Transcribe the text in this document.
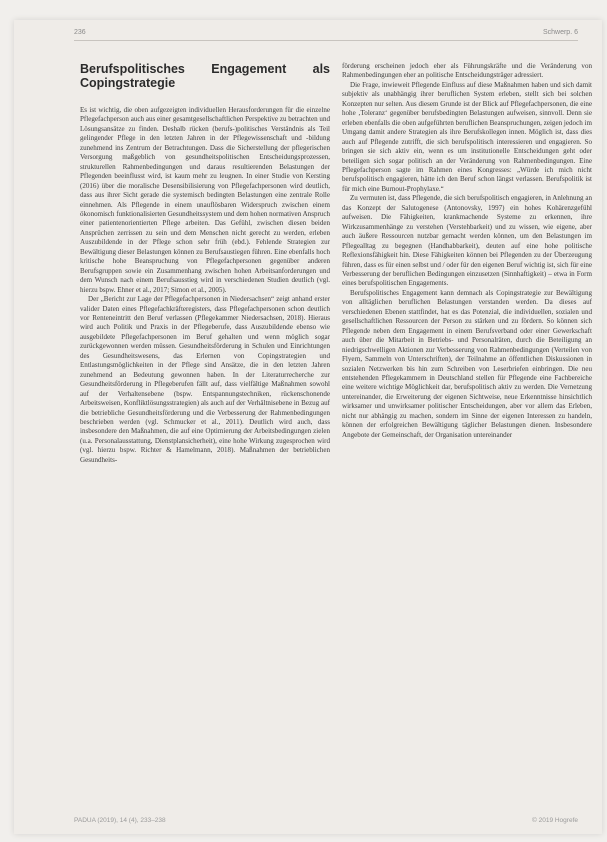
236	Schwerp. 6
Berufspolitisches Engagement als Copingstrategie

Es ist wichtig, die oben aufgezeigten individuellen Herausforderungen für die einzelne Pflegefachperson auch aus einer gesamtgesellschaftlichen Perspektive zu betrachten und Lösungsansätze zu finden. Deshalb rücken (berufs-)politisches Verständnis als Teil gelingender Pflege in den letzten Jahren in der Pflegewissenschaft und -bildung zunehmend ins Zentrum der Betrachtungen. Dass die Sicherstellung der pflegerischen Versorgung maßgeblich von gesundheitspolitischen Entscheidungsprozessen, strukturellen Rahmenbedingungen und daraus resultierenden Belastungen der Pflegenden beeinflusst wird, ist kaum mehr zu leugnen. In einer Studie von Kersting (2016) über die moralische Desensibilisierung von Pflegefachpersonen wird deutlich, dass aus ihrer Sicht gerade die systemisch bedingten Belastungen eine zentrale Rolle einnehmen. Als Pflegende in einem unauflösbaren Widerspruch zwischen einem ökonomisch funktionalisierten Gesundheitssystem und dem hohen normativen Anspruch einer patientenorientierten Pflege arbeiten. Das Gefühl, zwischen diesen beiden Ansprüchen zerrissen zu sein und dem Menschen nicht gerecht zu werden, erleben Auszubildende in der Pflege schon sehr früh (ebd.). Fehlende Strategien zur Bewältigung dieser Belastungen können zu Berufsaustiegen führen. Eine ebenfalls hoch kritische hohe Beanspruchung von Pflegefachpersonen gegenüber anderen Berufsgruppen sowie ein Zusammenhang zwischen hohen Arbeitsanforderungen und dem Wunsch nach einem Berufsausstieg wird in verschiedenen Studien deutlich (vgl. hierzu bspw. Ehner et al., 2017; Simon et al., 2005).

Der „Bericht zur Lage der Pflegefachpersonen in Niedersachsen“ zeigt anhand erster valider Daten eines Pflegefachkräfteregisters, dass Pflegefachpersonen schon deutlich vor Renteneintritt den Beruf verlassen (Pflegekammer Niedersachsen, 2018). Hieraus wird auch Politik und Praxis in der Pflegeberufe, dass Auszubildende ebenso wie ausgebildete Pflegefachpersonen im Beruf gehalten und wenn möglich sogar zurückgewonnen werden müssen. Gesundheitsförderung in Schulen und Einrichtungen des Gesundheitswesens, das Erlernen von Copingstrategien und Entlastungsmöglichkeiten in der Pflege sind Ansätze, die in den letzten Jahren zunehmend an Bedeutung gewonnen haben. In der Literaturrecherche zur Gesundheitsförderung in Pflegeberufen fällt auf, dass vielfältige Maßnahmen sowohl auf der Verhaltensebene (bspw. Entspannungstechniken, rückenschonende Arbeitsweisen, Konfliktlösungsstrategien) als auch auf der Verhältnisebene in Bezug auf die betriebliche Gesundheitsförderung und die Verbesserung der Rahmenbedingungen beschrieben werden (vgl. Schmucker et al., 2011). Deutlich wird auch, dass insbesondere den Maßnahmen, die auf eine Optimierung der Arbeitsbedingungen zielen (u.a. Personalausstattung, Dienstplansicherheit), eine hohe Wirkung zugesprochen wird (vgl. hierzu bspw. Richter & Hamelmann, 2018). Maßnahmen der betrieblichen Gesundheits-

förderung erscheinen jedoch eher als Führungskräfte und die Veränderung von Rahmenbedingungen eher an politische Entscheidungsträger adressiert.

Die Frage, inwieweit Pflegende Einfluss auf diese Maßnahmen haben und sich damit subjektiv als unabhängig ihrer beruflichen System erleben, stellt sich bei solchen Konzepten nur selten. Aus diesem Grunde ist der Blick auf Pflegefachpersonen, die eine hohe ‚Toleranz‘ gegenüber berufsbedingten Belastungen aufweisen, sinnvoll. Denn sie erleben ebenfalls die oben aufgeführten beruflichen Beanspruchungen, zeigen jedoch im Umgang damit andere Strategien als ihre Berufskollegen innen. Möglich ist, dass dies auch auf Pflegende zutrifft, die sich berufspolitisch interessieren und engagieren. So bringen sie sich aktiv ein, wenn es um institutionelle Entscheidungen geht oder beteiligen sich sogar politisch an der Veränderung von Rahmenbedingungen. Eine Pflegefachperson sagte im Rahmen eines Kongresses: „Würde ich mich nicht berufspolitisch engagieren, hätte ich den Beruf schon längst verlassen. Berufspolitik ist für mich eine Burnout-Prophylaxe.“

Zu vermuten ist, dass Pflegende, die sich berufspolitisch engagieren, in Anlehnung an das Konzept der Salutogenese (Antonovsky, 1997) ein hohes Kohärenzgefühl aufweisen. Die Fähigkeiten, krankmachende Systeme zu erkennen, ihre Wirkzusammenhänge zu verstehen (Verstehbarkeit) und zu wissen, wie eigene, aber auch äußere Ressourcen nutzbar gemacht werden können, um den Belastungen im Pflegealltag zu begegnen (Handhabbarkeit), deuten auf eine hohe politische Reflexionsfähigkeit hin. Diese Fähigkeiten können bei Pflegenden zu der Überzeugung führen, dass es für einen selbst und / oder für den eigenen Beruf wichtig ist, sich für eine Verbesserung der beruflichen Bedingungen einzusetzen (Sinnhaftigkeit) – etwa in Form eines berufspolitischen Engagements.

Berufspolitisches Engagement kann demnach als Copingstrategie zur Bewältigung von alltäglichen beruflichen Belastungen verstanden werden. Da dieses auf verschiedenen Ebenen stattfindet, hat es das Potenzial, die individuellen, sozialen und gesellschaftlichen Ressourcen der Person zu stärken und zu fördern. So können sich Pflegende neben dem Engagement in einem Berufsverband oder einer Gewerkschaft auch über die Mitarbeit in Betriebs- und Personalräten, durch die Beteiligung an niedrigschwelligen Aktionen zur Verbesserung von Rahmenbedingungen (Verteilen von Flyern, Sammeln von Unterschriften), der Teilnahme an öffentlichen Diskussionen in sozialen Netzwerken bis hin zum Schreiben von Leserbriefen einbringen. Die neu entstehenden Pflegekammern in Deutschland stellen für Pflegende eine Fachbereiche eine weitere wichtige Möglichkeit dar, berufspolitisch aktiv zu werden. Die Vernetzung untereinander, die Erweiterung der eigenen Sichtweise, neue Erkenntnisse hinsichtlich wirksamer und unwirksamer politischer Entscheidungen, aber vor allem das Erleben, nicht nur abhängig zu machen, sondern im Sinne der eigenen Interessen zu handeln, können der erfolgreichen Bewältigung täglicher Belastungen dienen. Insbesondere Angebote der Gemeinschaft, der Organisation untereinander

PADUA (2019), 14 (4), 233–238	© 2019 Hogrefe
